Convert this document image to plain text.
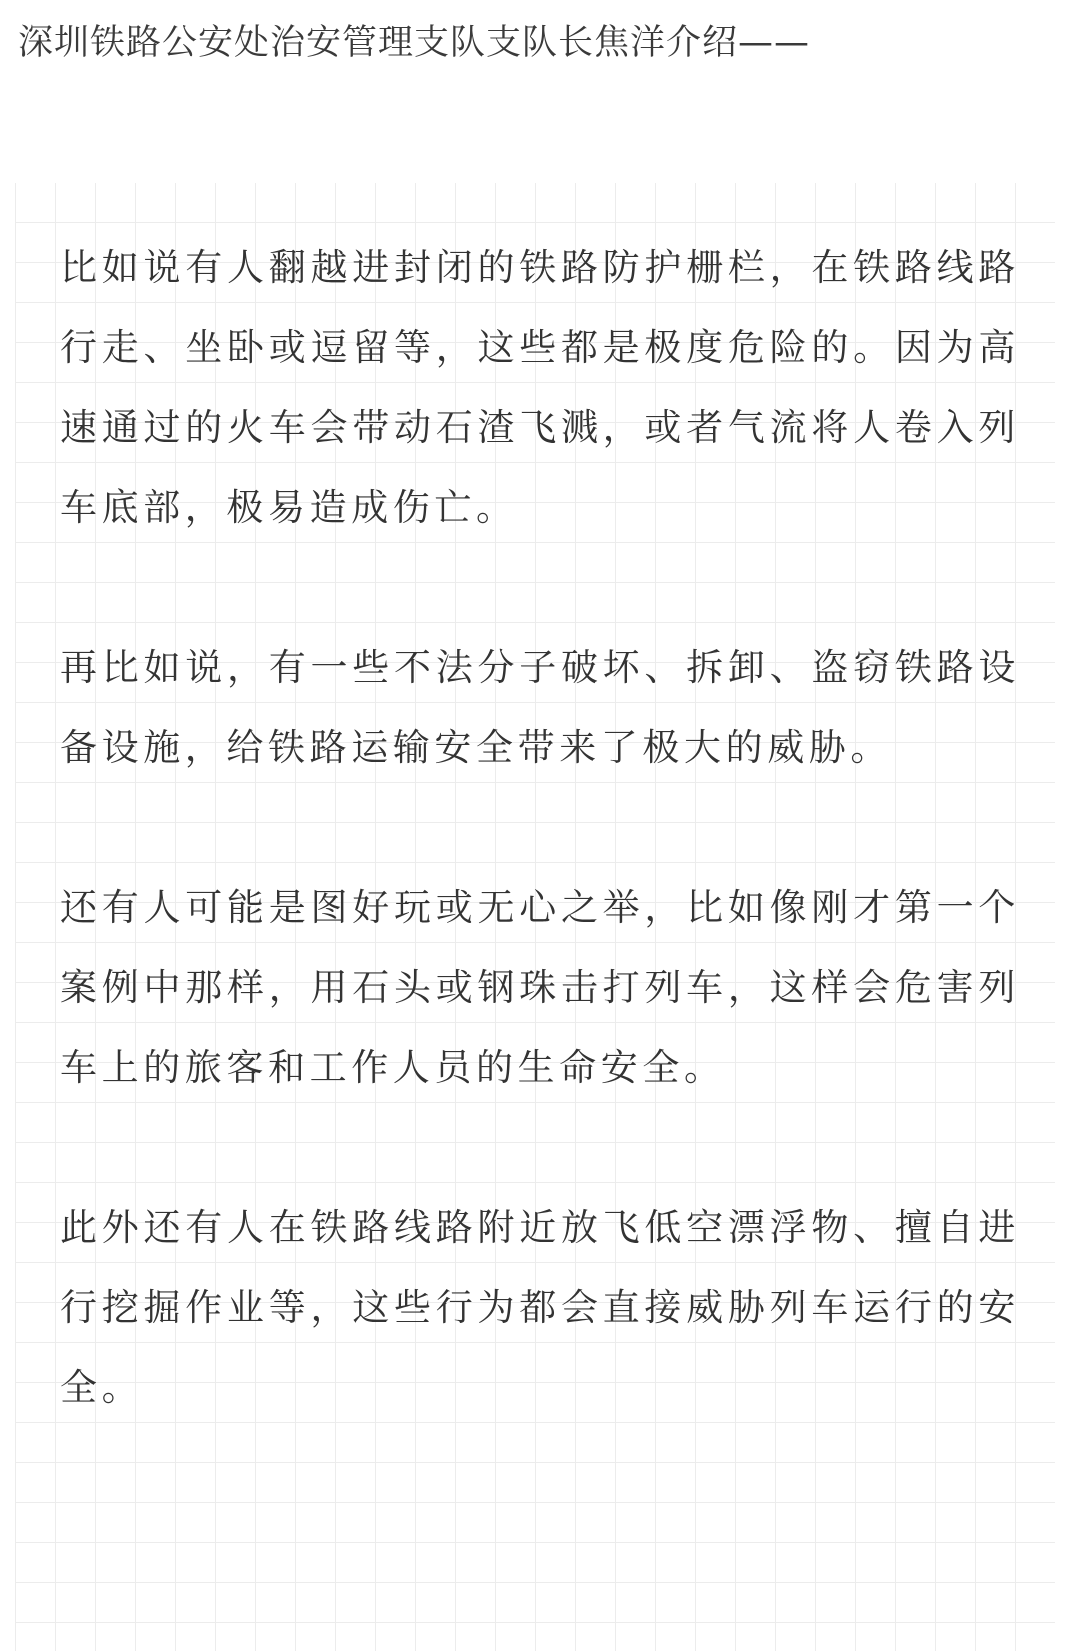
深圳铁路公安处治安管理支队支队长焦洋介绍——

比如说有人翻越进封闭的铁路防护栅栏，在铁路线路行走、坐卧或逗留等，这些都是极度危险的。因为高速通过的火车会带动石渣飞溅，或者气流将人卷入列车底部，极易造成伤亡。

再比如说，有一些不法分子破坏、拆卸、盗窃铁路设备设施，给铁路运输安全带来了极大的威胁。

还有人可能是图好玩或无心之举，比如像刚才第一个案例中那样，用石头或钢珠击打列车，这样会危害列车上的旅客和工作人员的生命安全。

此外还有人在铁路线路附近放飞低空漂浮物、擅自进行挖掘作业等，这些行为都会直接威胁列车运行的安全。
